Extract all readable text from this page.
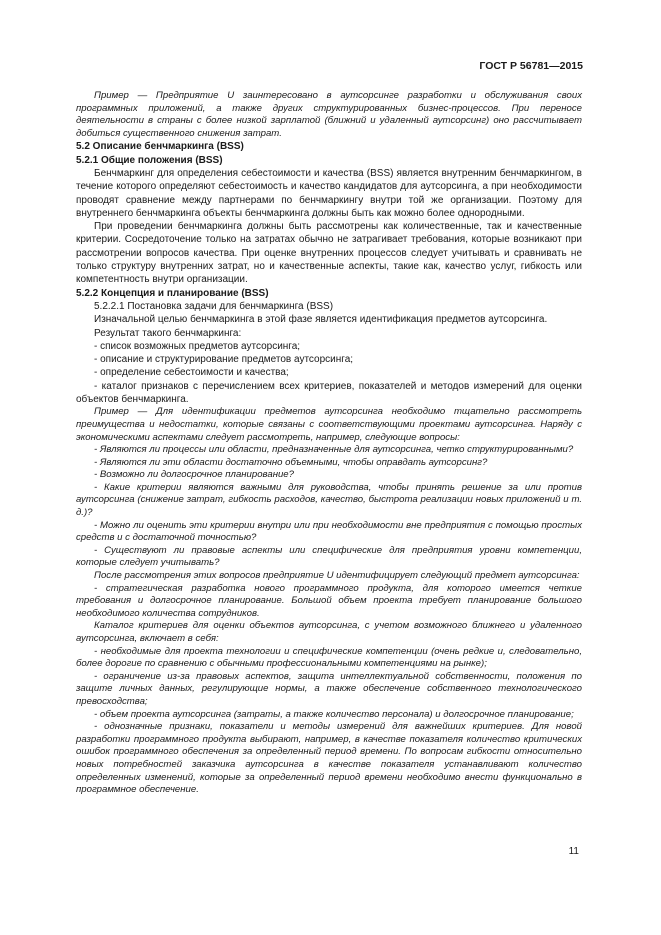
ГОСТ Р 56781—2015

Пример — Предприятие U заинтересовано в аутсорсинге разработки и обслуживания своих программных приложений, а также других структурированных бизнес-процессов. При переносе деятельности в страны с более низкой зарплатой (ближний и удаленный аутсорсинг) оно рассчитывает добиться существенного снижения затрат.

5.2 Описание бенчмаркинга (BSS)

5.2.1 Общие положения (BSS)

Бенчмаркинг для определения себестоимости и качества (BSS) является внутренним бенчмаркингом, в течение которого определяют себестоимость и качество кандидатов для аутсорсинга, а при необходимости проводят сравнение между партнерами по бенчмаркингу внутри той же организации. Поэтому для внутреннего бенчмаркинга объекты бенчмаркинга должны быть как можно более однородными.

При проведении бенчмаркинга должны быть рассмотрены как количественные, так и качественные критерии. Сосредоточение только на затратах обычно не затрагивает требования, которые возникают при рассмотрении вопросов качества. При оценке внутренних процессов следует учитывать и сравнивать не только структуру внутренних затрат, но и качественные аспекты, такие как, качество услуг, гибкость или компетентность внутри организации.

5.2.2 Концепция и планирование (BSS)

5.2.2.1 Постановка задачи для бенчмаркинга (BSS)

Изначальной целью бенчмаркинга в этой фазе является идентификация предметов аутсорсинга.

Результат такого бенчмаркинга:

- список возможных предметов аутсорсинга;

- описание и структурирование предметов аутсорсинга;

- определение себестоимости и качества;

- каталог признаков с перечислением всех критериев, показателей и методов измерений для оценки объектов бенчмаркинга.

Пример — Для идентификации предметов аутсорсинга необходимо тщательно рассмотреть преимущества и недостатки, которые связаны с соответствующими проектами аутсорсинга. Наряду с экономическими аспектами следует рассмотреть, например, следующие вопросы:

- Являются ли процессы или области, предназначенные для аутсорсинга, четко структурированными?

- Являются ли эти области достаточно объемными, чтобы оправдать аутсорсинг?

- Возможно ли долгосрочное планирование?

- Какие критерии являются важными для руководства, чтобы принять решение за или против аутсорсинга (снижение затрат, гибкость расходов, качество, быстрота реализации новых приложений и т. д.)?

- Можно ли оценить эти критерии внутри или при необходимости вне предприятия с помощью простых средств и с достаточной точностью?

- Существуют ли правовые аспекты или специфические для предприятия уровни компетенции, которые следует учитывать?

После рассмотрения этих вопросов предприятие U идентифицирует следующий предмет аутсорсинга:

- стратегическая разработка нового программного продукта, для которого имеется четкие требования и долгосрочное планирование. Большой объем проекта требует планирование большого необходимого количества сотрудников.

Каталог критериев для оценки объектов аутсорсинга, с учетом возможного ближнего и удаленного аутсорсинга, включает в себя:

- необходимые для проекта технологии и специфические компетенции (очень редкие и, следовательно, более дорогие по сравнению с обычными профессиональными компетенциями на рынке);

- ограничение из-за правовых аспектов, защита интеллектуальной собственности, положения по защите личных данных, регулирующие нормы, а также обеспечение собственного технологического превосходства;

- объем проекта аутсорсинга (затраты, а также количество персонала) и долгосрочное планирование;

- однозначные признаки, показатели и методы измерений для важнейших критериев. Для новой разработки программного продукта выбирают, например, в качестве показателя количество критических ошибок программного обеспечения за определенный период времени. По вопросам гибкости относительно новых потребностей заказчика аутсорсинга в качестве показателя устанавливают количество определенных изменений, которые за определенный период времени необходимо внести функционально в программное обеспечение.

11
